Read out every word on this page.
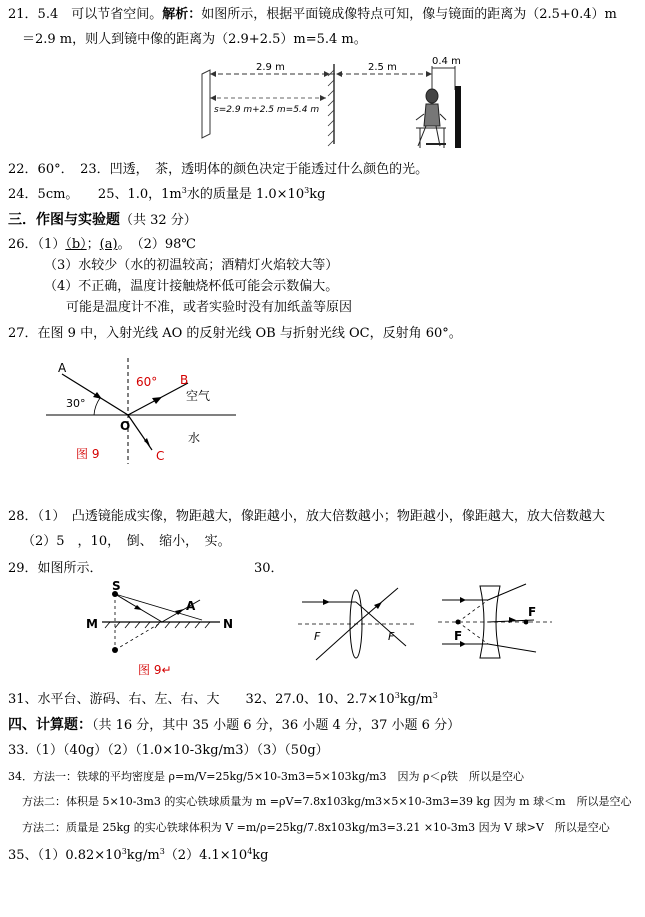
21．5.4　可以节省空间。解析：如图所示，根据平面镜成像特点可知，像与镜面的距离为（2.5+0.4）m
＝2.9 m，则人到镜中像的距离为（2.9+2.5）m=5.4 m。
2.9 m	2.5 m
0.4 m
s=2.9 m+2.5 m=5.4 m
22．60°．　23．凹透，　茶，透明体的颜色决定于能透过什么颜色的光。
24．5cm。　　25、1.0，$1m^3$水的质量是 $1.0\times 10^3kg$
三．作图与实验题（共 32 分）
26．（1）（b）；(a)。　（2）98℃
（3）水较少（水的初温较高；酒精灯火焰较大等）
（4）不正确，温度计接触烧杯低可能会示数偏大。
可能是温度计不准，或者实验时没有加纸盖等原因
27．在图 9 中，入射光线 AO 的反射光线 OB 与折射光线 OC，反射角 60°。
A
30°
60° B
空气
O
水
图 9	C
28．（1）　凸透镜能成实像，物距越大，像距越小，放大倍数越小；物距越小，像距越大，放大倍数越大
（2）5　，10，　倒、　缩小，　实。
29．如图所示．	30．
S
A
M	N
图 9↵
F	F	F
F
31、水平台、游码、右、左、右、大　　32、27.0、10、$2.7\times 10^3kg/m^3$
四、计算题：（共 16 分，其中 35 小题 6 分，36 小题 4 分，37 小题 6 分）
33.（1）（40g）（2）（1.0×10-3kg/m3）（3）（50g）
34．方法一：铁球的平均密度是 ρ=m/V=25kg/5×10-3m3=5×103kg/m3　因为 ρ＜ρ铁　所以是空心
方法二：体积是 5×10-3m3 的实心铁球质量为 m =ρV=7.8x103kg/m3×5×10-3m3=39 kg 因为 m 球＜m　所以是空心
方法二：质量是 25kg 的实心铁球体积为 V =m/ρ=25kg/7.8x103kg/m3=3.21 ×10-3m3 因为 V 球>V　所以是空心
35、$(1)0.82\times 10^3kg/m^3(2)4.1\times 10^4kg$
